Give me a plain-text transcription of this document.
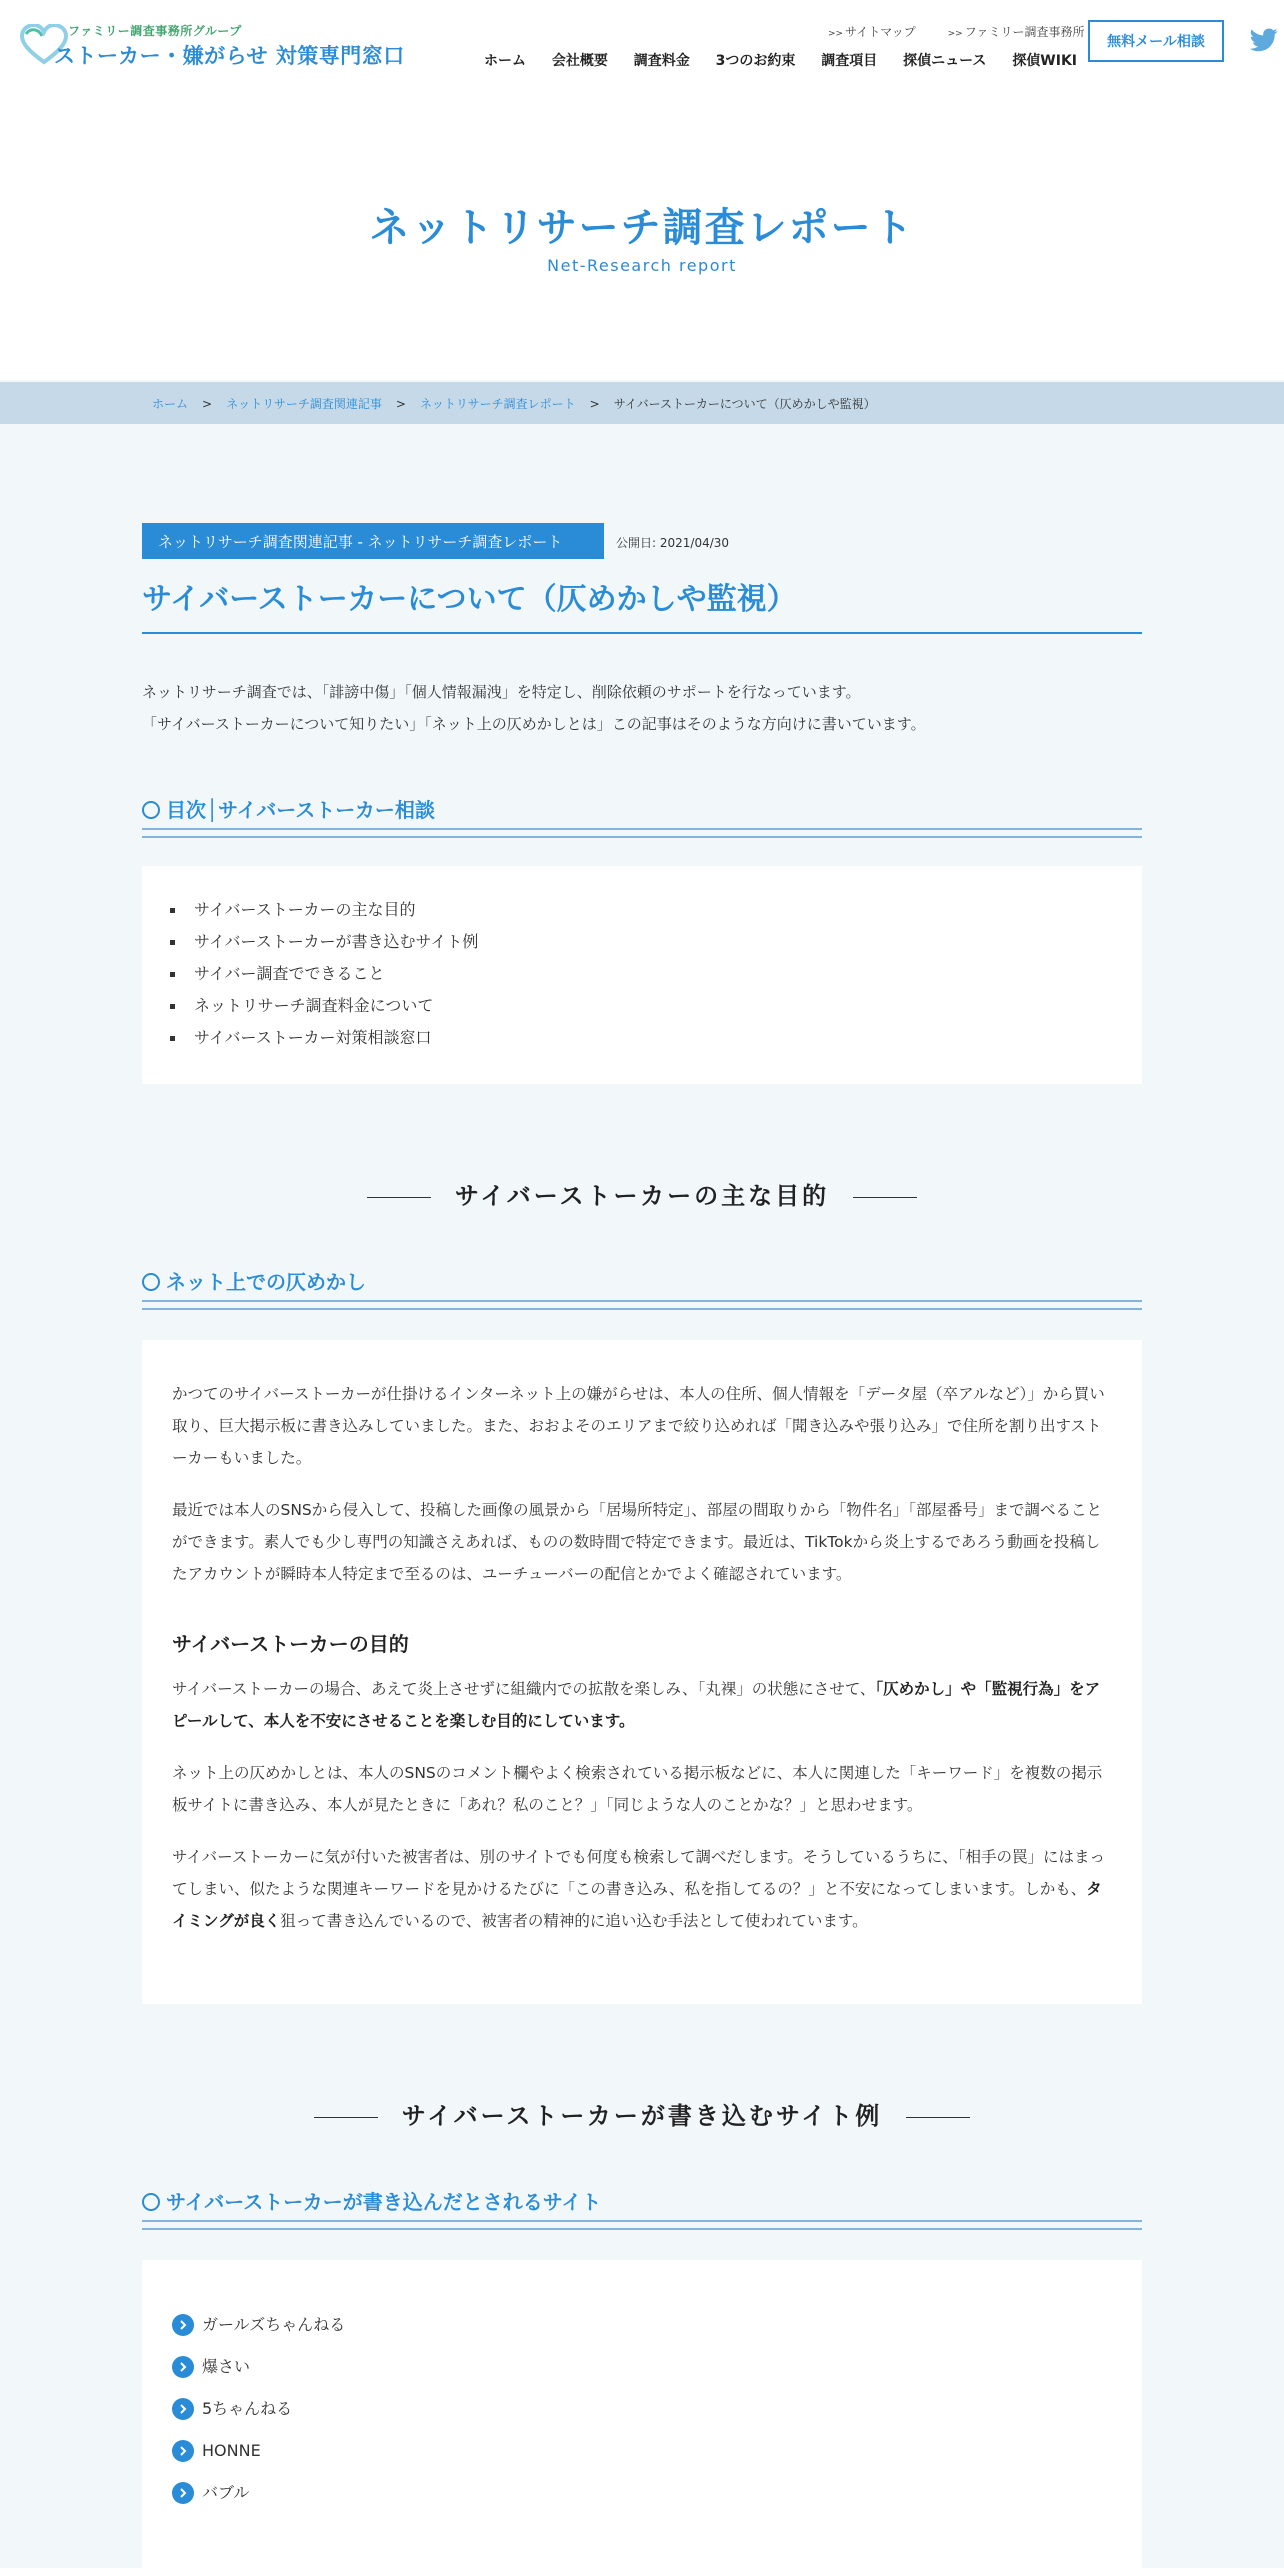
ファミリー調査事務所グループ
ストーカー・嫌がらせ 対策専門窓口
>> サイトマップ	>> ファミリー調査事務所
ホーム 会社概要 調査料金 3つのお約束 調査項目 探偵ニュース 探偵WIKI
無料メール相談
ネットリサーチ調査レポート
Net-Research report
ホーム > ネットリサーチ調査関連記事 > ネットリサーチ調査レポート > サイバーストーカーについて（仄めかしや監視）
ネットリサーチ調査関連記事 - ネットリサーチ調査レポート	公開日: 2021/04/30
サイバーストーカーについて（仄めかしや監視）
ネットリサーチ調査では、「誹謗中傷」「個人情報漏洩」を特定し、削除依頼のサポートを行なっています。
「サイバーストーカーについて知りたい」「ネット上の仄めかしとは」この記事はそのような方向けに書いています。
目次│サイバーストーカー相談
サイバーストーカーの主な目的
サイバーストーカーが書き込むサイト例
サイバー調査でできること
ネットリサーチ調査料金について
サイバーストーカー対策相談窓口
サイバーストーカーの主な目的
ネット上での仄めかし

かつてのサイバーストーカーが仕掛けるインターネット上の嫌がらせは、本人の住所、個人情報を「データ屋（卒アルなど）」から買い取り、巨大掲示板に書き込みしていました。また、おおよそのエリアまで絞り込めれば「聞き込みや張り込み」で住所を割り出すストーカーもいました。

最近では本人のSNSから侵入して、投稿した画像の風景から「居場所特定」、部屋の間取りから「物件名」「部屋番号」まで調べることができます。素人でも少し専門の知識さえあれば、ものの数時間で特定できます。最近は、TikTokから炎上するであろう動画を投稿したアカウントが瞬時本人特定まで至るのは、ユーチューバーの配信とかでよく確認されています。

サイバーストーカーの目的

サイバーストーカーの場合、あえて炎上させずに組織内での拡散を楽しみ、「丸裸」の状態にさせて、「仄めかし」や「監視行為」をアピールして、本人を不安にさせることを楽しむ目的にしています。

ネット上の仄めかしとは、本人のSNSのコメント欄やよく検索されている掲示板などに、本人に関連した「キーワード」を複数の掲示板サイトに書き込み、本人が見たときに「あれ？私のこと？」「同じような人のことかな？」と思わせます。

サイバーストーカーに気が付いた被害者は、別のサイトでも何度も検索して調べだします。そうしているうちに、「相手の罠」にはまってしまい、似たような関連キーワードを見かけるたびに「この書き込み、私を指してるの？」と不安になってしまいます。しかも、タイミングが良く狙って書き込んでいるので、被害者の精神的に追い込む手法として使われています。

サイバーストーカーが書き込むサイト例
サイバーストーカーが書き込んだとされるサイト
ガールズちゃんねる
爆さい
5ちゃんねる
HONNE
バブル
